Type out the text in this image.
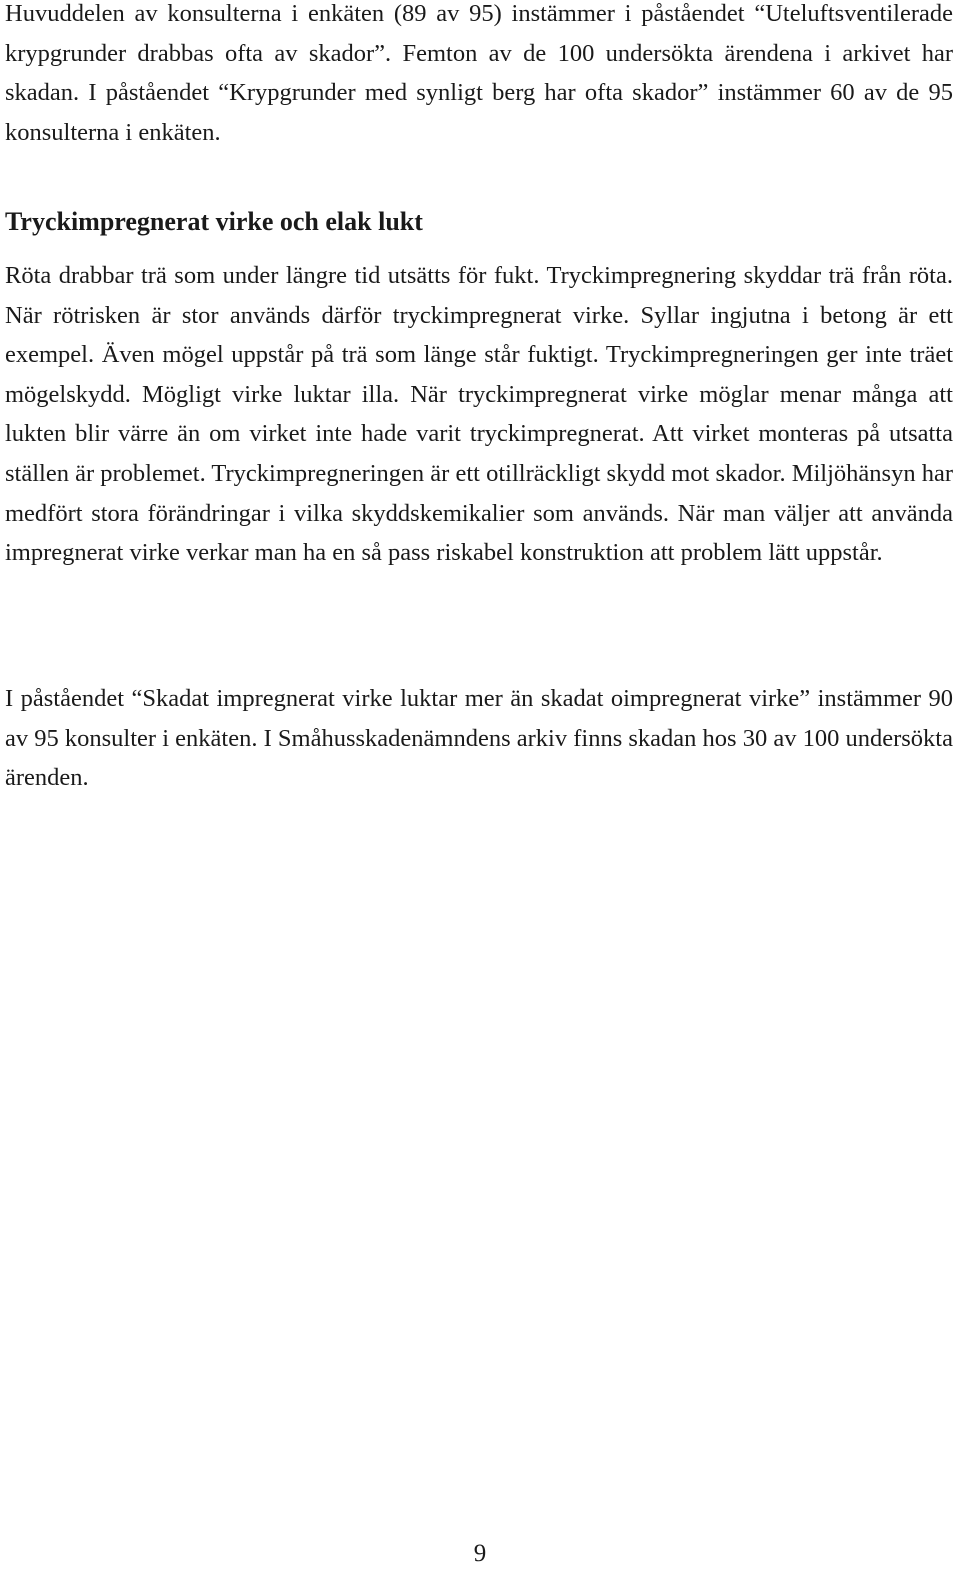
Huvuddelen av konsulterna i enkäten (89 av 95) instämmer i påståendet “Uteluftsventilerade krypgrunder drabbas ofta av skador”. Femton av de 100 undersökta ärendena i arkivet har skadan. I påståendet “Krypgrunder med synligt berg har ofta skador” instämmer 60 av de 95 konsulterna i enkäten.

Tryckimpregnerat virke och elak lukt

Röta drabbar trä som under längre tid utsätts för fukt. Tryckimpregnering skyddar trä från röta. När rötrisken är stor används därför tryckimpregnerat virke. Syllar ingjutna i betong är ett exempel. Även mögel uppstår på trä som länge står fuktigt. Tryckimpregneringen ger inte träet mögelskydd. Mögligt virke luktar illa. När tryckimpregnerat virke möglar menar många att lukten blir värre än om virket inte hade varit tryckimpregnerat. Att virket monteras på utsatta ställen är problemet. Tryckimpregneringen är ett otillräckligt skydd mot skador. Miljöhänsyn har medfört stora förändringar i vilka skyddskemikalier som används. När man väljer att använda impregnerat virke verkar man ha en så pass riskabel konstruktion att problem lätt uppstår.

I påståendet “Skadat impregnerat virke luktar mer än skadat oimpregnerat virke” instämmer 90 av 95 konsulter i enkäten. I Småhusskadenämndens arkiv finns skadan hos 30 av 100 undersökta ärenden.

9
